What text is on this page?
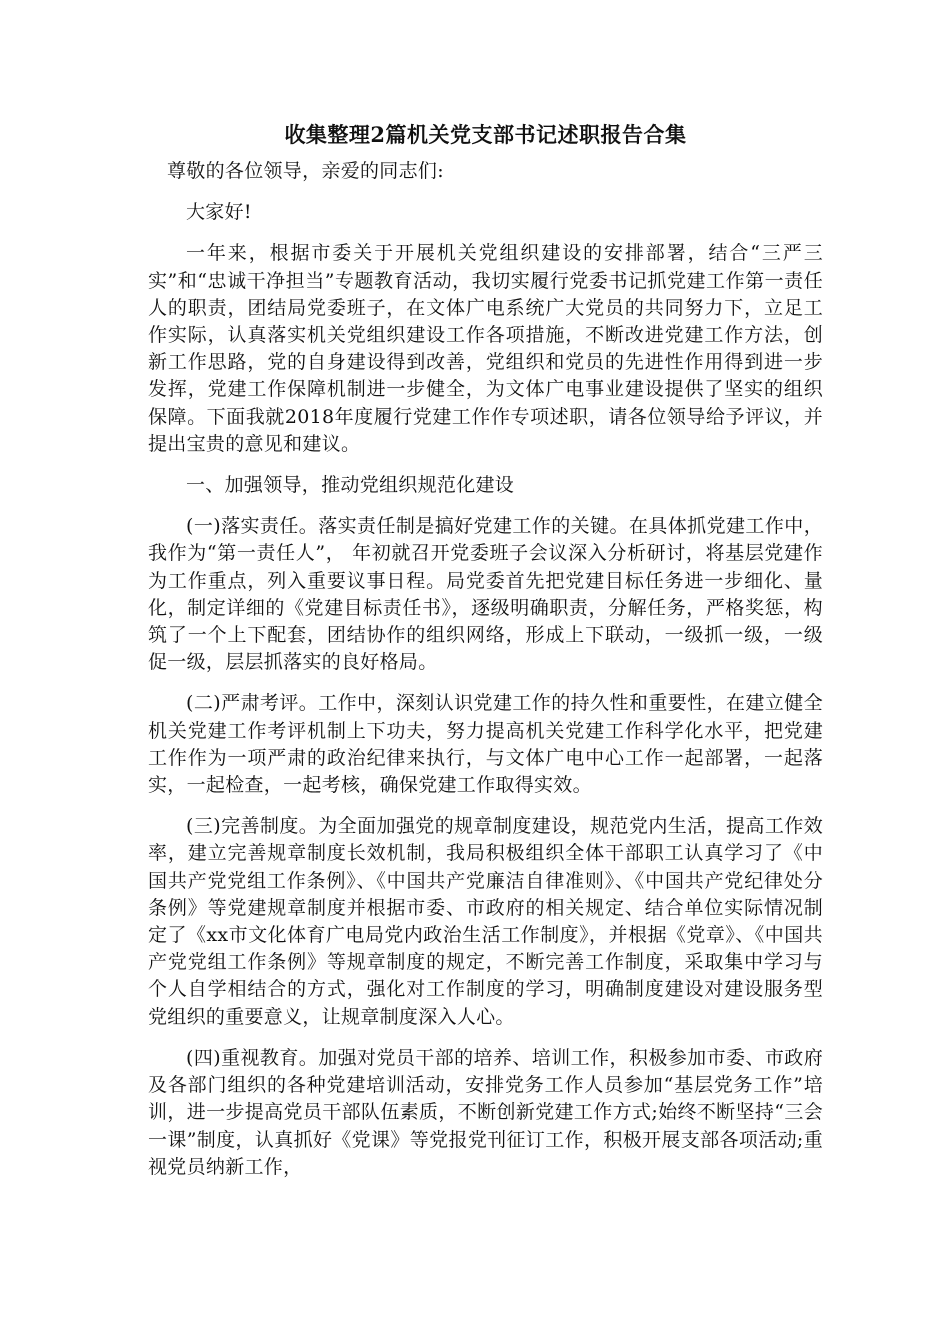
收集整理2篇机关党支部书记述职报告合集

尊敬的各位领导，亲爱的同志们:

大家好!

一年来，根据市委关于开展机关党组织建设的安排部署，结合“三严三实”和“忠诚干净担当”专题教育活动，我切实履行党委书记抓党建工作第一责任人的职责，团结局党委班子，在文体广电系统广大党员的共同努力下，立足工作实际，认真落实机关党组织建设工作各项措施，不断改进党建工作方法，创新工作思路，党的自身建设得到改善，党组织和党员的先进性作用得到进一步发挥，党建工作保障机制进一步健全，为文体广电事业建设提供了坚实的组织保障。下面我就2018年度履行党建工作作专项述职，请各位领导给予评议，并提出宝贵的意见和建议。

一、加强领导，推动党组织规范化建设

(一)落实责任。落实责任制是搞好党建工作的关键。在具体抓党建工作中，我作为“第一责任人”， 年初就召开党委班子会议深入分析研讨，将基层党建作为工作重点，列入重要议事日程。局党委首先把党建目标任务进一步细化、量化，制定详细的《党建目标责任书》，逐级明确职责，分解任务，严格奖惩，构筑了一个上下配套，团结协作的组织网络，形成上下联动，一级抓一级，一级促一级，层层抓落实的良好格局。

(二)严肃考评。工作中，深刻认识党建工作的持久性和重要性，在建立健全机关党建工作考评机制上下功夫，努力提高机关党建工作科学化水平，把党建工作作为一项严肃的政治纪律来执行，与文体广电中心工作一起部署，一起落实，一起检查，一起考核，确保党建工作取得实效。

(三)完善制度。为全面加强党的规章制度建设，规范党内生活，提高工作效率，建立完善规章制度长效机制，我局积极组织全体干部职工认真学习了《中国共产党党组工作条例》、《中国共产党廉洁自律准则》、《中国共产党纪律处分条例》等党建规章制度并根据市委、市政府的相关规定、结合单位实际情况制定了《xx市文化体育广电局党内政治生活工作制度》，并根据《党章》、《中国共产党党组工作条例》等规章制度的规定，不断完善工作制度，采取集中学习与个人自学相结合的方式，强化对工作制度的学习，明确制度建设对建设服务型党组织的重要意义，让规章制度深入人心。

(四)重视教育。加强对党员干部的培养、培训工作，积极参加市委、市政府及各部门组织的各种党建培训活动，安排党务工作人员参加“基层党务工作”培训，进一步提高党员干部队伍素质，不断创新党建工作方式;始终不断坚持“三会一课”制度，认真抓好《党课》等党报党刊征订工作，积极开展支部各项活动;重视党员纳新工作，
